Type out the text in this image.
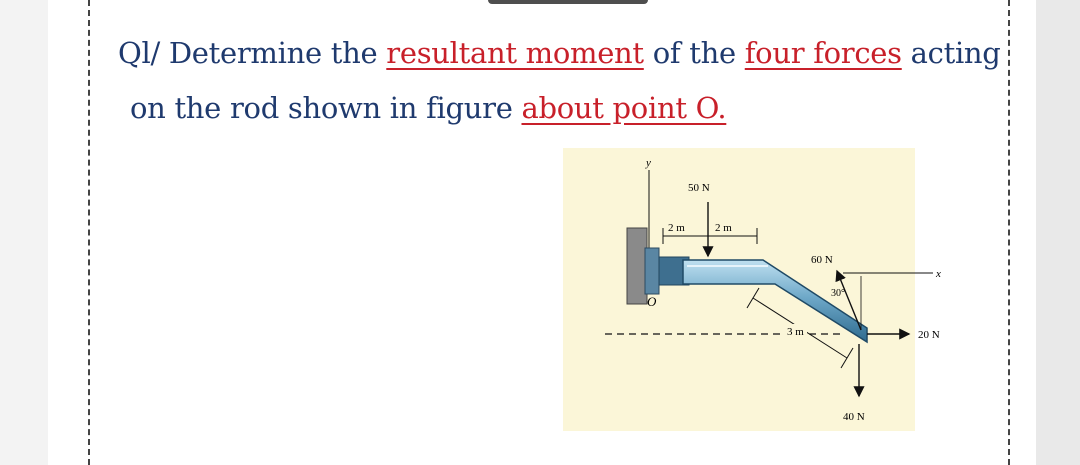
Ql/ Determine the resultant moment of the four forces acting

on the rod shown in figure about point O.

y
x
O
2 m	2 m
50 N
60 N
30°
3 m	20 N
40 N
